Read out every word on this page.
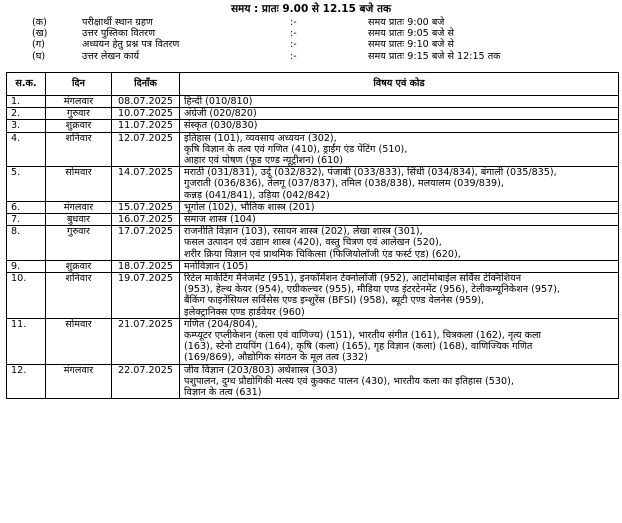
समय : प्रातः 9.00 से 12.15 बजे तक
(क)	परीक्षार्थी स्थान ग्रहण	:-	समय प्रातः 9:00 बजे
(ख)	उत्तर पुस्तिका वितरण	:-	समय प्रातः 9:05 बजे से
(ग)	अध्ययन हेतु प्रश्न पत्र वितरण	:-	समय प्रातः 9:10 बजे से
(घ)	उत्तर लेखन कार्य	:-	समय प्रातः 9:15 बजे से 12:15 तक
स.क.	दिन	दिनाँक	विषय एवं कोड
1.	मंगलवार	08.07.2025	हिन्दी (010/810)

2.	गुरुवार	10.07.2025	अंग्रेजी (020/820)

3.	शुक्रवार	11.07.2025	संस्कृत (030/830)

4.	शनिवार	12.07.2025	इतिहास (101), व्यवसाय अध्ययन (302),
कृषि विज्ञान के तत्व एवं गणित (410), ड्राईंग एंड पेंटिंग (510),
आहार एवं पोषण (फूड एण्ड न्यूट्रीशन) (610)

5.	सोमवार	14.07.2025	मराठी (031/831), उर्दू (032/832), पंजाबी (033/833), सिंधी (034/834), बंगाली (035/835),
गुजराती (036/836), तेलगू (037/837), तमिल (038/838), मलयालम (039/839),
कन्नड़ (041/841), उड़िया (042/842)

6.	मंगलवार	15.07.2025	भूगोल (102), भौतिक शास्त्र (201)

7.	बुधवार	16.07.2025	समाज शास्त्र (104)

8.	गुरुवार	17.07.2025	राजनीति विज्ञान (103), रसायन शास्त्र (202), लेखा शास्त्र (301),
फसल उत्पादन एवं उद्यान शास्त्र (420), वस्तु चित्रण एवं आलेखन (520),
शरीर क्रिया विज्ञान एवं प्राथमिक चिकित्सा (फिजियोलॉजी एंड फर्स्ट एड) (620),

9.	शुक्रवार	18.07.2025	मनोविज्ञान (105)

10.	शनिवार	19.07.2025	रिटेल मार्केटिंग मैनेजमेंट (951), इनफॉर्मेशन टेक्नोलॉजी (952), आटोमोबाईल सर्विस टेक्निशियन
(953), हेल्थ केयर (954), एग्रीकल्चर (955), मीडिया एण्ड इंटरटेनमेंट (956), टेलीकम्यूनिकेशन (957),
बैंकिंग फाइनेंसियल सर्विसेस एण्ड इन्शुरेंस (BFSI) (958), ब्यूटी एण्ड वेलनेस (959),
इलेक्ट्रानिक्स एण्ड हार्डवेयर (960)

11.	सोमवार	21.07.2025	गणित (204/804),
कम्प्यूटर एप्लीकेशन (कला एवं वाणिज्य) (151), भारतीय संगीत (161), चित्रकला (162), नृत्य कला
(163), स्टेनो टायपिंग (164), कृषि (कला) (165), गृह विज्ञान (कला) (168), वाणिज्यिक गणित
(169/869), औद्योगिक संगठन के मूल तत्व (332)

12.	मंगलवार	22.07.2025	जीव विज्ञान (203/803) अर्थशास्त्र (303)
पशुपालन, दुग्ध प्रौद्योगिकी मत्स्य एवं कुक्कट पालन (430), भारतीय कला का इतिहास (530),
विज्ञान के तत्व (631)
